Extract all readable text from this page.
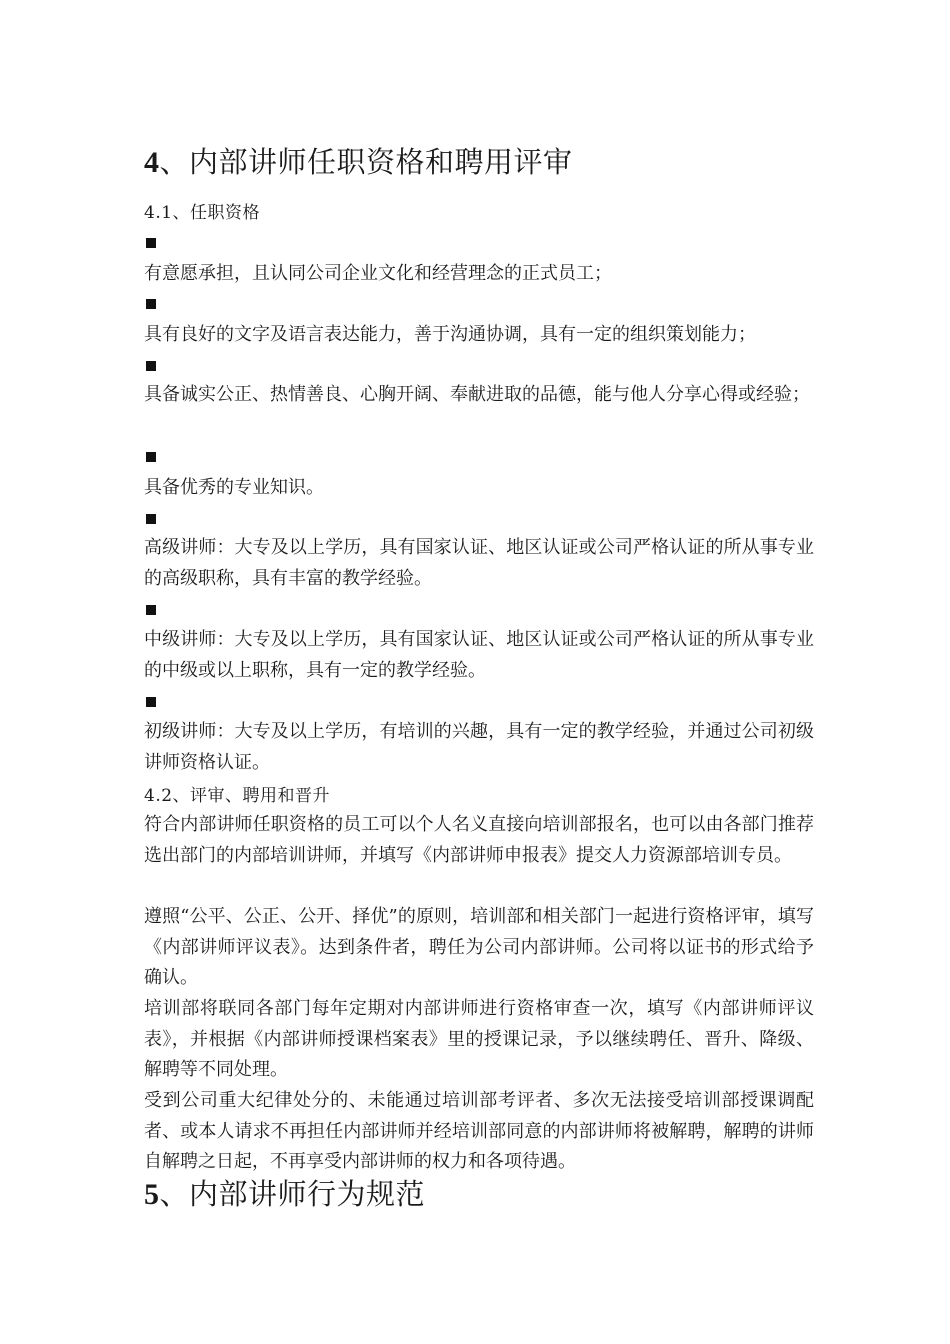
4、内部讲师任职资格和聘用评审
4.1、任职资格
有意愿承担，且认同公司企业文化和经营理念的正式员工；
具有良好的文字及语言表达能力，善于沟通协调，具有一定的组织策划能力；
具备诚实公正、热情善良、心胸开阔、奉献进取的品德，能与他人分享心得或经验；
具备优秀的专业知识。
高级讲师：大专及以上学历，具有国家认证、地区认证或公司严格认证的所从事专业的高级职称，具有丰富的教学经验。
中级讲师：大专及以上学历，具有国家认证、地区认证或公司严格认证的所从事专业的中级或以上职称，具有一定的教学经验。
初级讲师：大专及以上学历，有培训的兴趣，具有一定的教学经验，并通过公司初级讲师资格认证。
4.2、评审、聘用和晋升
符合内部讲师任职资格的员工可以个人名义直接向培训部报名，也可以由各部门推荐选出部门的内部培训讲师，并填写《内部讲师申报表》提交人力资源部培训专员。
遵照“公平、公正、公开、择优”的原则，培训部和相关部门一起进行资格评审，填写《内部讲师评议表》。达到条件者，聘任为公司内部讲师。公司将以证书的形式给予确认。
培训部将联同各部门每年定期对内部讲师进行资格审查一次，填写《内部讲师评议表》，并根据《内部讲师授课档案表》里的授课记录，予以继续聘任、晋升、降级、解聘等不同处理。
受到公司重大纪律处分的、未能通过培训部考评者、多次无法接受培训部授课调配者、或本人请求不再担任内部讲师并经培训部同意的内部讲师将被解聘，解聘的讲师自解聘之日起，不再享受内部讲师的权力和各项待遇。
5、内部讲师行为规范
